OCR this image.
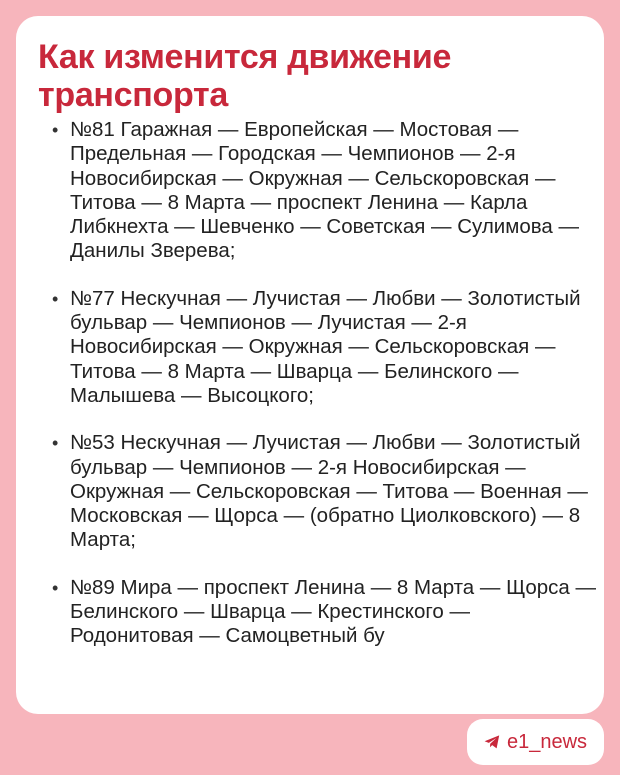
Как изменится движение транспорта
• №81 Гаражная — Европейская — Мостовая — Предельная — Городская — Чемпионов — 2-я Новосибирская — Окружная — Сельскоровская — Титова — 8 Марта — проспект Ленина — Карла Либкнехта — Шевченко — Советская — Сулимова — Данилы Зверева;
• №77 Нескучная — Лучистая — Любви — Золотистый бульвар — Чемпионов — Лучистая — 2-я Новосибирская — Окружная — Сельскоровская — Титова — 8 Марта — Шварца — Белинского — Малышева — Высоцкого;
• №53 Нескучная — Лучистая — Любви — Золотистый бульвар — Чемпионов — 2-я Новосибирская — Окружная — Сельскоровская — Титова — Военная — Московская — Щорса — (обратно Циолковского) — 8 Марта;
• №89 Мира — проспект Ленина — 8 Марта — Щорса — Белинского — Шварца — Крестинского — Родонитовая — Самоцветный бу
e1_news
